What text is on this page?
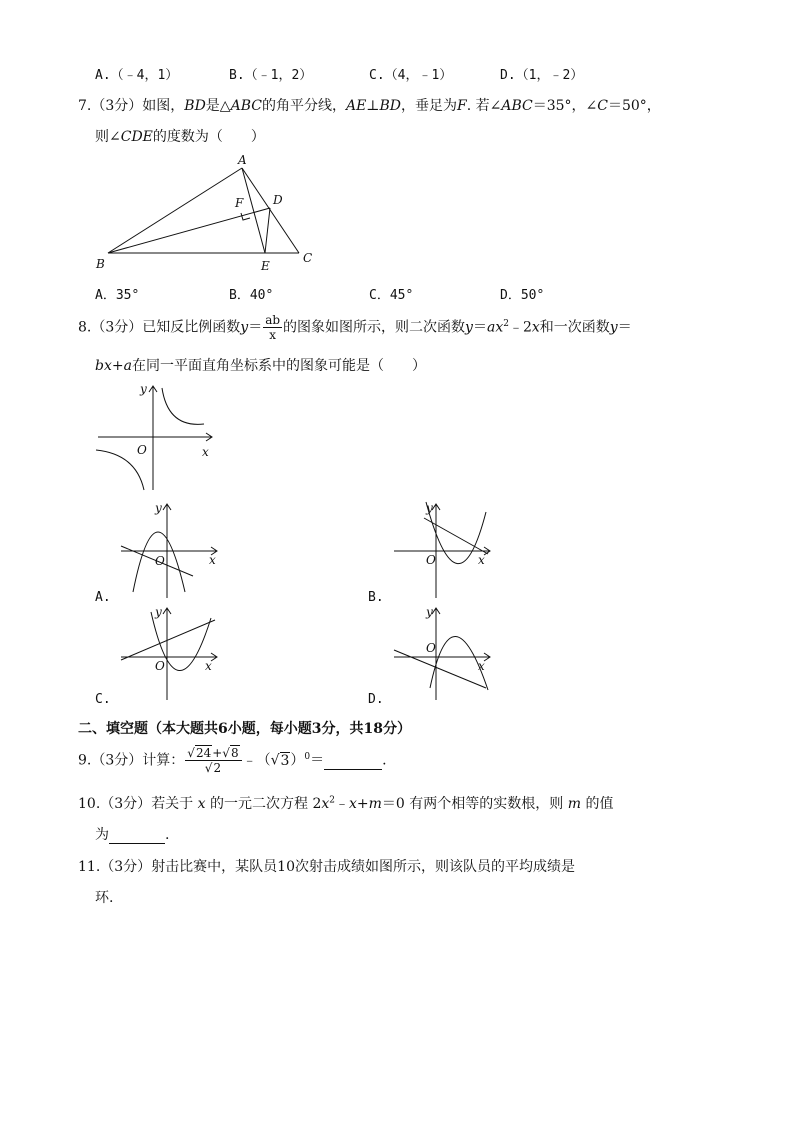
A.（﹣4，1）	B.（﹣1，2）	C.（4，﹣1）	D.（1，﹣2）
7.（3分）如图，BD是△ABC的角平分线，AE⊥BD，垂足为F. 若∠ABC＝35°，∠C＝50°，
则∠CDE的度数为（　　）
A
B	C
D
E
F
A．35°	B．40°	C．45°	D．50°
8.（3分）已知反比例函数$y= \frac{ab}{x}$ 的图象如图所示，则二次函数$y=ax^2﹣2x$和一次函数y＝
bx+a在同一平面直角坐标系中的图象可能是（　　）
y
O	x
y
O	x
A.
y
O	x
B.
y
O	x
C.
y
O
x
D.
二、填空题（本大题共6小题，每小题3分，共18分）
9.（3分）计算： $\frac{√24+√8}{√2}$ $﹣(√3)^0=$	.
10.（3分）若关于 x 的一元二次方程 $2x^2﹣x+m=0$ 有两个相等的实数根，则 m 的值
为	.
11.（3分）射击比赛中，某队员10次射击成绩如图所示，则该队员的平均成绩是
环.
